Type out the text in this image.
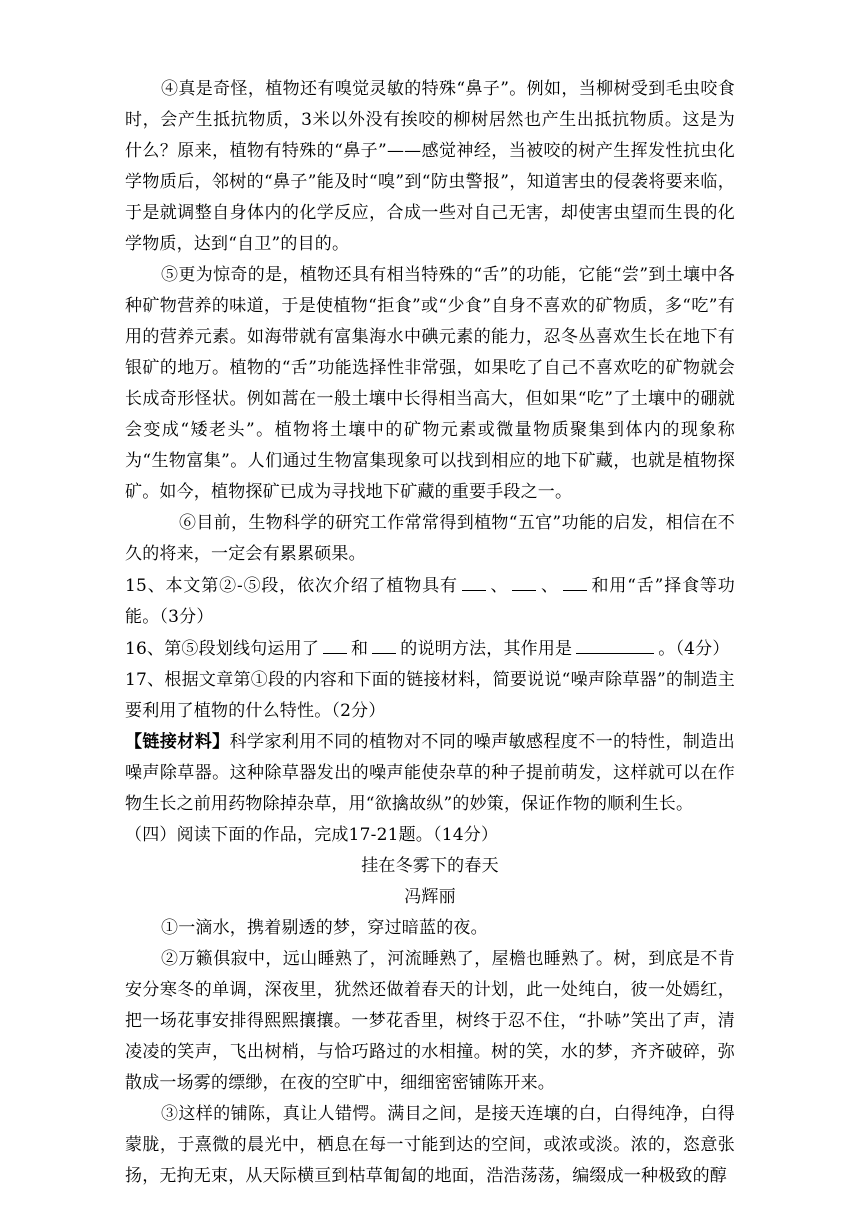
④真是奇怪，植物还有嗅觉灵敏的特殊“鼻子”。例如，当柳树受到毛虫咬食时，会产生抵抗物质，3米以外没有挨咬的柳树居然也产生出抵抗物质。这是为什么？原来，植物有特殊的“鼻子”——感觉神经，当被咬的树产生挥发性抗虫化学物质后，邻树的“鼻子”能及时“嗅”到“防虫警报”，知道害虫的侵袭将要来临，于是就调整自身体内的化学反应，合成一些对自己无害，却使害虫望而生畏的化学物质，达到“自卫”的目的。

⑤更为惊奇的是，植物还具有相当特殊的“舌”的功能，它能“尝”到土壤中各种矿物营养的味道，于是使植物“拒食”或“少食”自身不喜欢的矿物质，多“吃”有用的营养元素。如海带就有富集海水中碘元素的能力，忍冬丛喜欢生长在地下有银矿的地万。植物的“舌”功能选择性非常强，如果吃了自己不喜欢吃的矿物就会长成奇形怪状。例如蒿在一般土壤中长得相当高大，但如果“吃”了土壤中的硼就会变成“矮老头”。植物将土壤中的矿物元素或微量物质聚集到体内的现象称为“生物富集”。人们通过生物富集现象可以找到相应的地下矿藏，也就是植物探矿。如今，植物探矿已成为寻找地下矿藏的重要手段之一。

⑥目前，生物科学的研究工作常常得到植物“五官”功能的启发，相信在不久的将来，一定会有累累硕果。

15、本文第②-⑤段，依次介绍了植物具有 、 、 和用“舌”择食等功能。（3分）

16、第⑤段划线句运用了 和 的说明方法，其作用是	。（4分）

17、根据文章第①段的内容和下面的链接材料，简要说说“噪声除草器”的制造主要利用了植物的什么特性。（2分）

【链接材料】科学家利用不同的植物对不同的噪声敏感程度不一的特性，制造出噪声除草器。这种除草器发出的噪声能使杂草的种子提前萌发，这样就可以在作物生长之前用药物除掉杂草，用“欲擒故纵”的妙策，保证作物的顺利生长。

（四）阅读下面的作品，完成17-21题。（14分）

挂在冬雾下的春天

冯辉丽

①一滴水，携着剔透的梦，穿过暗蓝的夜。

②万籁俱寂中，远山睡熟了，河流睡熟了，屋檐也睡熟了。树，到底是不肯安分寒冬的单调，深夜里，犹然还做着春天的计划，此一处纯白，彼一处嫣红，把一场花事安排得熙熙攘攘。一梦花香里，树终于忍不住，“扑哧”笑出了声，清凌凌的笑声，飞出树梢，与恰巧路过的水相撞。树的笑，水的梦，齐齐破碎，弥散成一场雾的缥缈，在夜的空旷中，细细密密铺陈开来。

③这样的铺陈，真让人错愕。满目之间，是接天连壤的白，白得纯净，白得蒙胧，于熹微的晨光中，栖息在每一寸能到达的空间，或浓或淡。浓的，恣意张扬，无拘无束，从天际横亘到枯草匍匐的地面，浩浩荡荡，编缀成一种极致的醇
